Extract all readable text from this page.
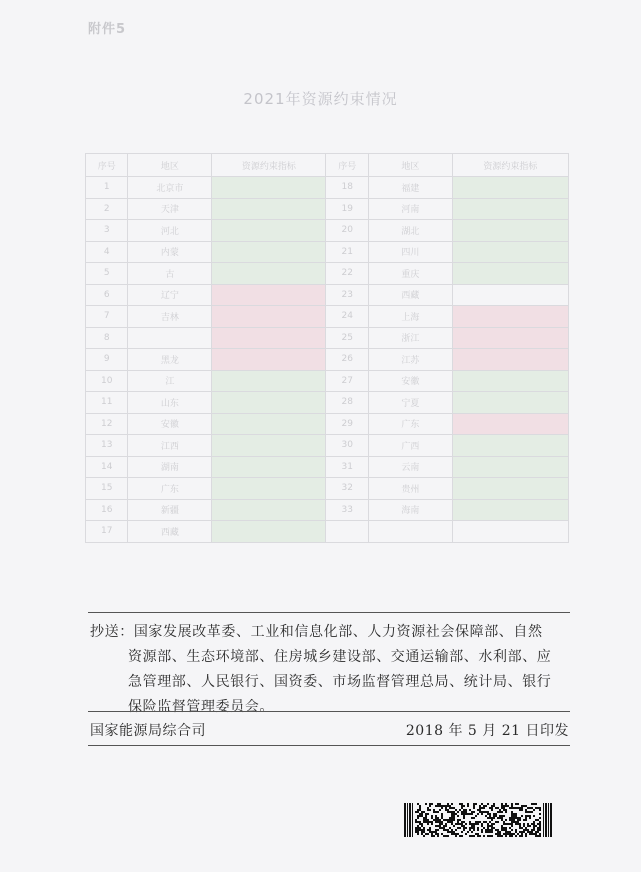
附件5
2021年资源约束情况
序号	地区	资源约束指标	序号	地区	资源约束指标
1	北京市		18	福建	
2	天津		19	河南	
3	河北		20	湖北	
4	内蒙		21	四川	
5	古		22	重庆	
6	辽宁		23	西藏	
7	吉林		24	上海	
8			25	浙江	
9	黑龙		26	江苏	
10	江		27	安徽	
11	山东		28	宁夏	
12	安徽		29	广东	
13	江西		30	广西	
14	湖南		31	云南	
15	广东		32	贵州	
16	新疆		33	海南	
17	西藏				
抄送：国家发展改革委、工业和信息化部、人力资源社会保障部、自然
资源部、生态环境部、住房城乡建设部、交通运输部、水利部、应
急管理部、人民银行、国资委、市场监督管理总局、统计局、银行
保险监督管理委员会。
国家能源局综合司	2018 年 5 月 21 日印发
